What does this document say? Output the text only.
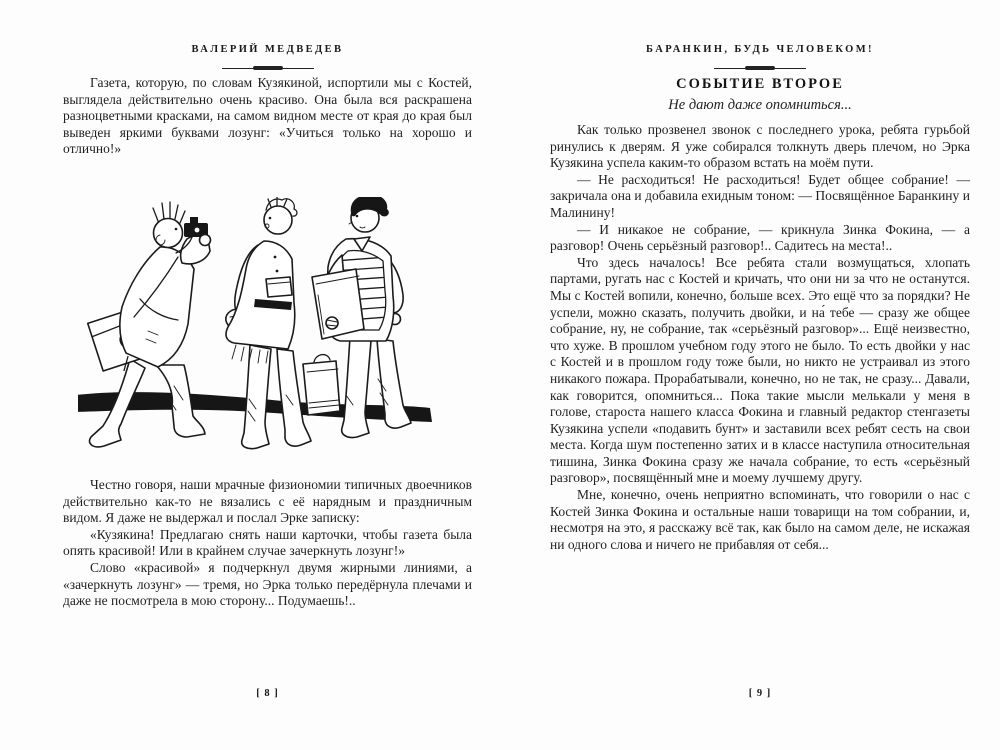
ВАЛЕРИЙ МЕДВЕДЕВ

Газета, которую, по словам Кузякиной, испортили мы с Костей, выглядела действительно очень красиво. Она была вся раскрашена разноцветными красками, на самом видном месте от края до края был выведен яркими буквами лозунг: «Учиться только на хорошо и отлично!»

Честно говоря, наши мрачные физиономии типичных двоечников действительно как-то не вязались с её нарядным и праздничным видом. Я даже не выдержал и послал Эрке записку:

«Кузякина! Предлагаю снять наши карточки, чтобы газета была опять красивой! Или в крайнем случае зачеркнуть лозунг!»

Слово «красивой» я подчеркнул двумя жирными линиями, а «зачеркнуть лозунг» — тремя, но Эрка только передёрнула плечами и даже не посмотрела в мою сторону... Подумаешь!..

[ 8 ]
БАРАНКИН, БУДЬ ЧЕЛОВЕКОМ!
СОБЫТИЕ ВТОРОЕ
Не дают даже опомниться...

Как только прозвенел звонок с последнего урока, ребята гурьбой ринулись к дверям. Я уже собирался толкнуть дверь плечом, но Эрка Кузякина успела каким-то образом встать на моём пути.

— Не расходиться! Не расходиться! Будет общее собрание! — закричала она и добавила ехидным тоном: — Посвящённое Баранкину и Малинину!

— И никакое не собрание, — крикнула Зинка Фокина, — а разговор! Очень серьёзный разговор!.. Садитесь на места!..

Что здесь началось! Все ребята стали возмущаться, хлопать партами, ругать нас с Костей и кричать, что они ни за что не останутся. Мы с Костей вопили, конечно, больше всех. Это ещё что за порядки? Не успели, можно сказать, получить двойки, и на́ тебе — сразу же общее собрание, ну, не собрание, так «серьёзный разговор»... Ещё неизвестно, что хуже. В прошлом учебном году этого не было. То есть двойки у нас с Костей и в прошлом году тоже были, но никто не устраивал из этого никакого пожара. Прорабатывали, конечно, но не так, не сразу... Давали, как говорится, опомниться... Пока такие мысли мелькали у меня в голове, староста нашего класса Фокина и главный редактор стенгазеты Кузякина успели «подавить бунт» и заставили всех ребят сесть на свои места. Когда шум постепенно затих и в классе наступила относительная тишина, Зинка Фокина сразу же начала собрание, то есть «серьёзный разговор», посвящённый мне и моему лучшему другу.

Мне, конечно, очень неприятно вспоминать, что говорили о нас с Костей Зинка Фокина и остальные наши товарищи на том собрании, и, несмотря на это, я расскажу всё так, как было на самом деле, не искажая ни одного слова и ничего не прибавляя от себя...

[ 9 ]
